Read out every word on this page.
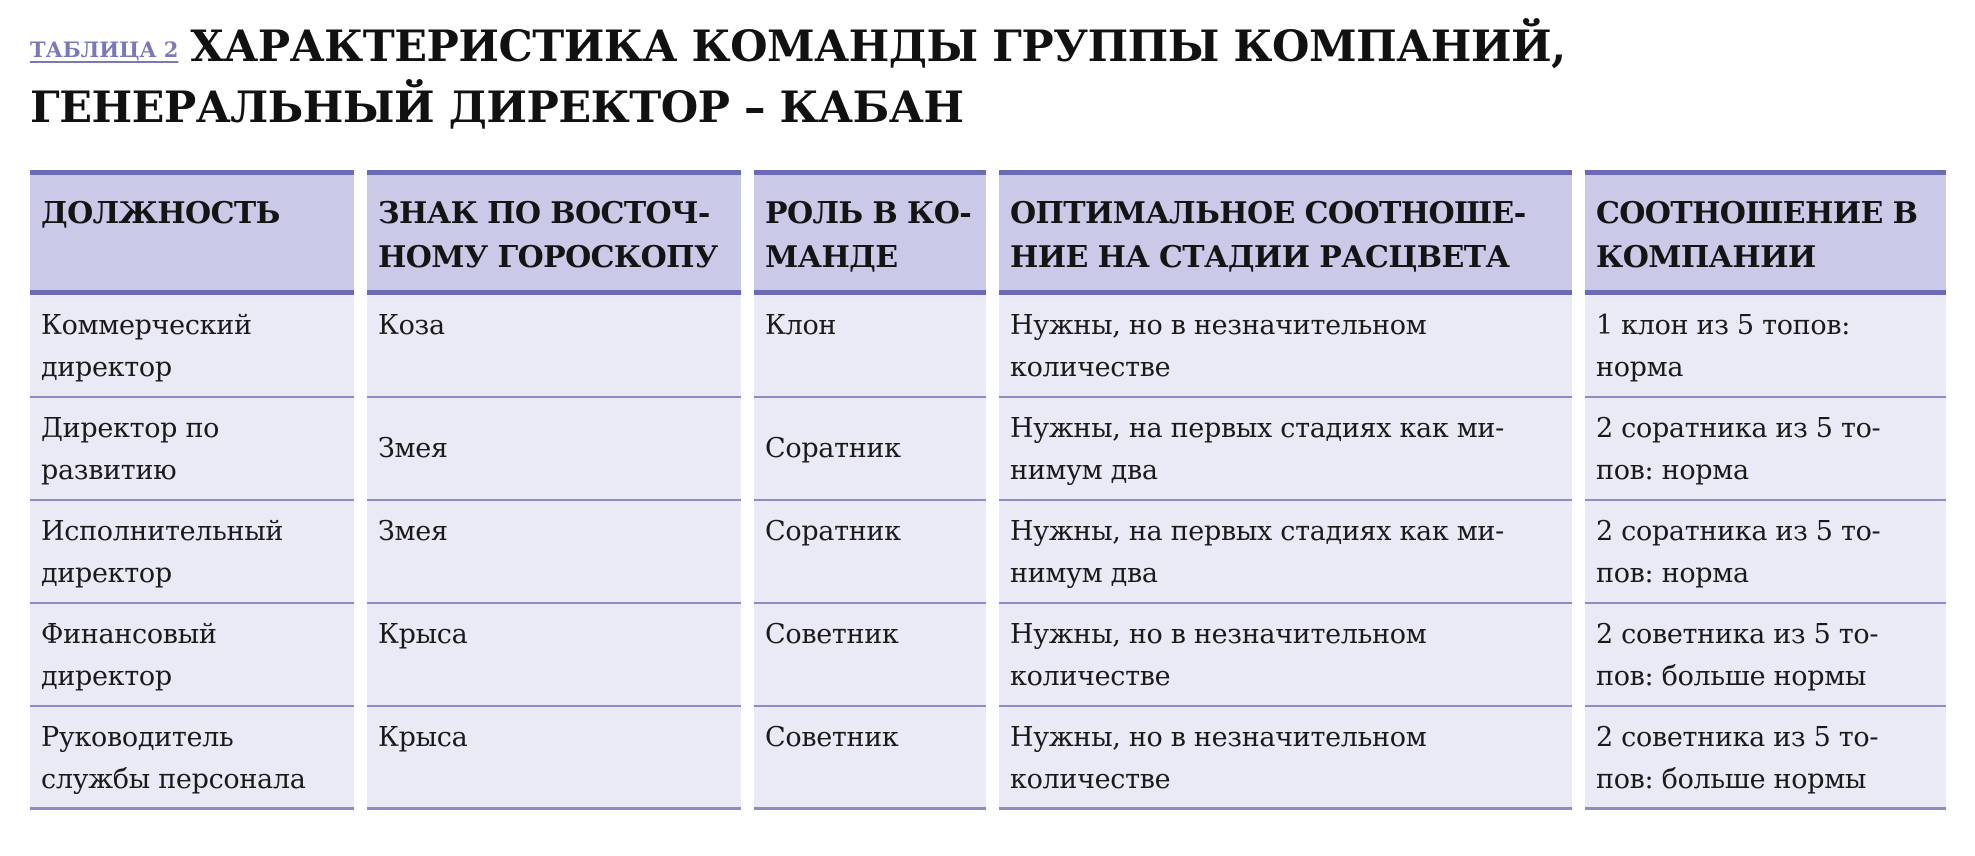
ТАБЛИЦА 2 ХАРАКТЕРИСТИКА КОМАНДЫ ГРУППЫ КОМПАНИЙ, ГЕНЕРАЛЬНЫЙ ДИРЕКТОР – КАБАН
ДОЛЖНОСТЬ
Коммерческий директор
Директор по развитию
Исполнительный директор
Финансовый директор
Руководитель службы персонала
ЗНАК ПО ВОСТОЧ-НОМУ ГОРОСКОПУ
Коза
Змея
Змея
Крыса
Крыса
РОЛЬ В КО-МАНДЕ
Клон
Соратник
Соратник
Советник
Советник
ОПТИМАЛЬНОЕ СООТНОШЕ-НИЕ НА СТАДИИ РАСЦВЕТА
Нужны, но в незначительном количестве
Нужны, на первых стадиях как ми-нимум два
Нужны, на первых стадиях как ми-нимум два
Нужны, но в незначительном количестве
Нужны, но в незначительном количестве
СООТНОШЕНИЕ В КОМПАНИИ
1 клон из 5 топов: норма
2 соратника из 5 то-пов: норма
2 соратника из 5 то-пов: норма
2 советника из 5 то-пов: больше нормы
2 советника из 5 то-пов: больше нормы
